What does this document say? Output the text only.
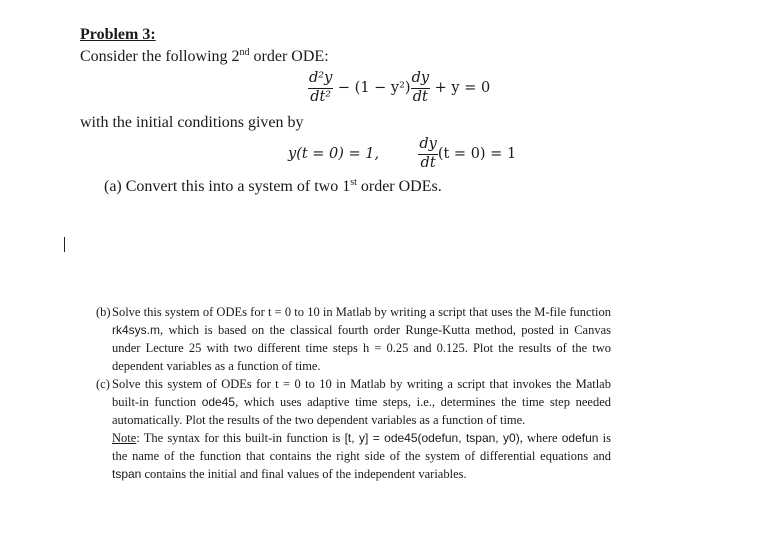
Problem 3:
Consider the following 2nd order ODE:
$\frac{\text{d²y}}{\text{dt²}} - (1 - y^2) \frac{dy}{dt} + y = 0$
with the initial conditions given by
y(t = 0) = 1,	$\frac{dy}{dt} (t = 0) = 1$
(a) Convert this into a system of two 1st order ODEs.
(b) Solve this system of ODEs for t = 0 to 10 in Matlab by writing a script that uses the M-file function rk4sys.m, which is based on the classical fourth order Runge-Kutta method, posted in Canvas under Lecture 25 with two different time steps h = 0.25 and 0.125. Plot the results of the two dependent variables as a function of time.
(c) Solve this system of ODEs for t = 0 to 10 in Matlab by writing a script that invokes the Matlab built-in function ode45, which uses adaptive time steps, i.e., determines the time step needed automatically. Plot the results of the two dependent variables as a function of time.
Note: The syntax for this built-in function is [t, y] = ode45(odefun, tspan, y0), where odefun is the name of the function that contains the right side of the system of differential equations and tspan contains the initial and final values of the independent variables.
